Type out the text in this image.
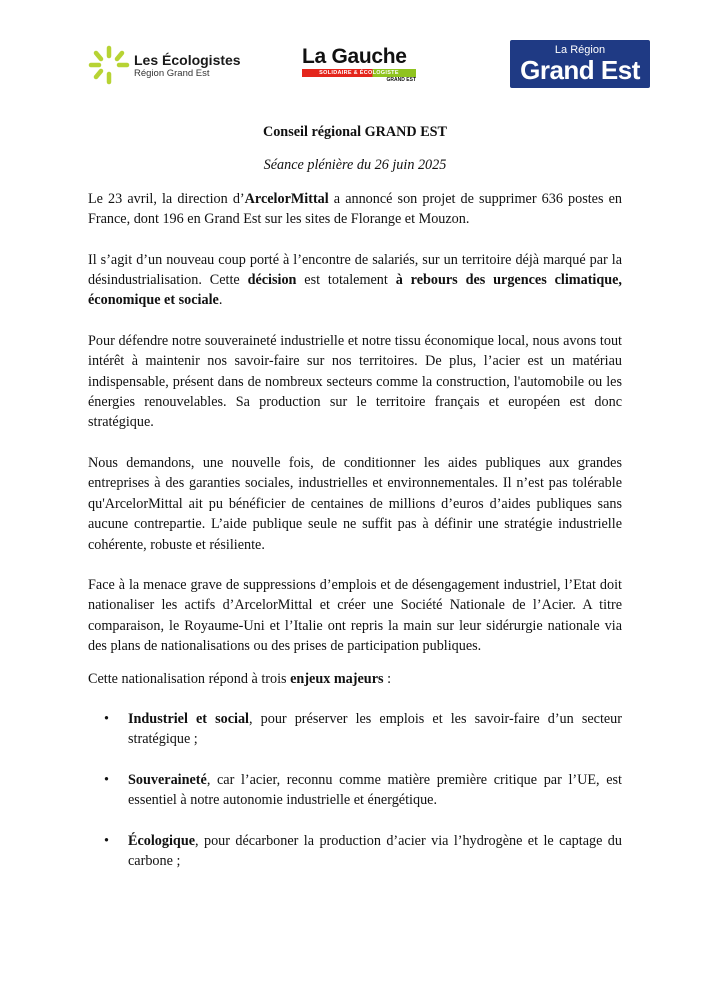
Les Écologistes
Région Grand Est
La Gauche
SOLIDAIRE & ÉCOLOGISTE
GRAND EST
La Région
Grand Est

Conseil régional GRAND EST

Séance plénière du 26 juin 2025

Le 23 avril, la direction d’ArcelorMittal a annoncé son projet de supprimer 636 postes en France, dont 196 en Grand Est sur les sites de Florange et Mouzon.

Il s’agit d’un nouveau coup porté à l’encontre de salariés, sur un territoire déjà marqué par la désindustrialisation. Cette décision est totalement à rebours des urgences climatique, économique et sociale.

Pour défendre notre souveraineté industrielle et notre tissu économique local, nous avons tout intérêt à maintenir nos savoir-faire sur nos territoires. De plus, l’acier est un matériau indispensable, présent dans de nombreux secteurs comme la construction, l'automobile ou les énergies renouvelables. Sa production sur le territoire français et européen est donc stratégique.

Nous demandons, une nouvelle fois, de conditionner les aides publiques aux grandes entreprises à des garanties sociales, industrielles et environnementales. Il n’est pas tolérable qu'ArcelorMittal ait pu bénéficier de centaines de millions d’euros d’aides publiques sans aucune contrepartie. L’aide publique seule ne suffit pas à définir une stratégie industrielle cohérente, robuste et résiliente.

Face à la menace grave de suppressions d’emplois et de désengagement industriel, l’Etat doit nationaliser les actifs d’ArcelorMittal et créer une Société Nationale de l’Acier. A titre comparaison, le Royaume-Uni et l’Italie ont repris la main sur leur sidérurgie nationale via des plans de nationalisations ou des prises de participation publiques.

Cette nationalisation répond à trois enjeux majeurs :

• Industriel et social, pour préserver les emplois et les savoir-faire d’un secteur stratégique ;
• Souveraineté, car l’acier, reconnu comme matière première critique par l’UE, est essentiel à notre autonomie industrielle et énergétique.
• Écologique, pour décarboner la production d’acier via l’hydrogène et le captage du carbone ;
